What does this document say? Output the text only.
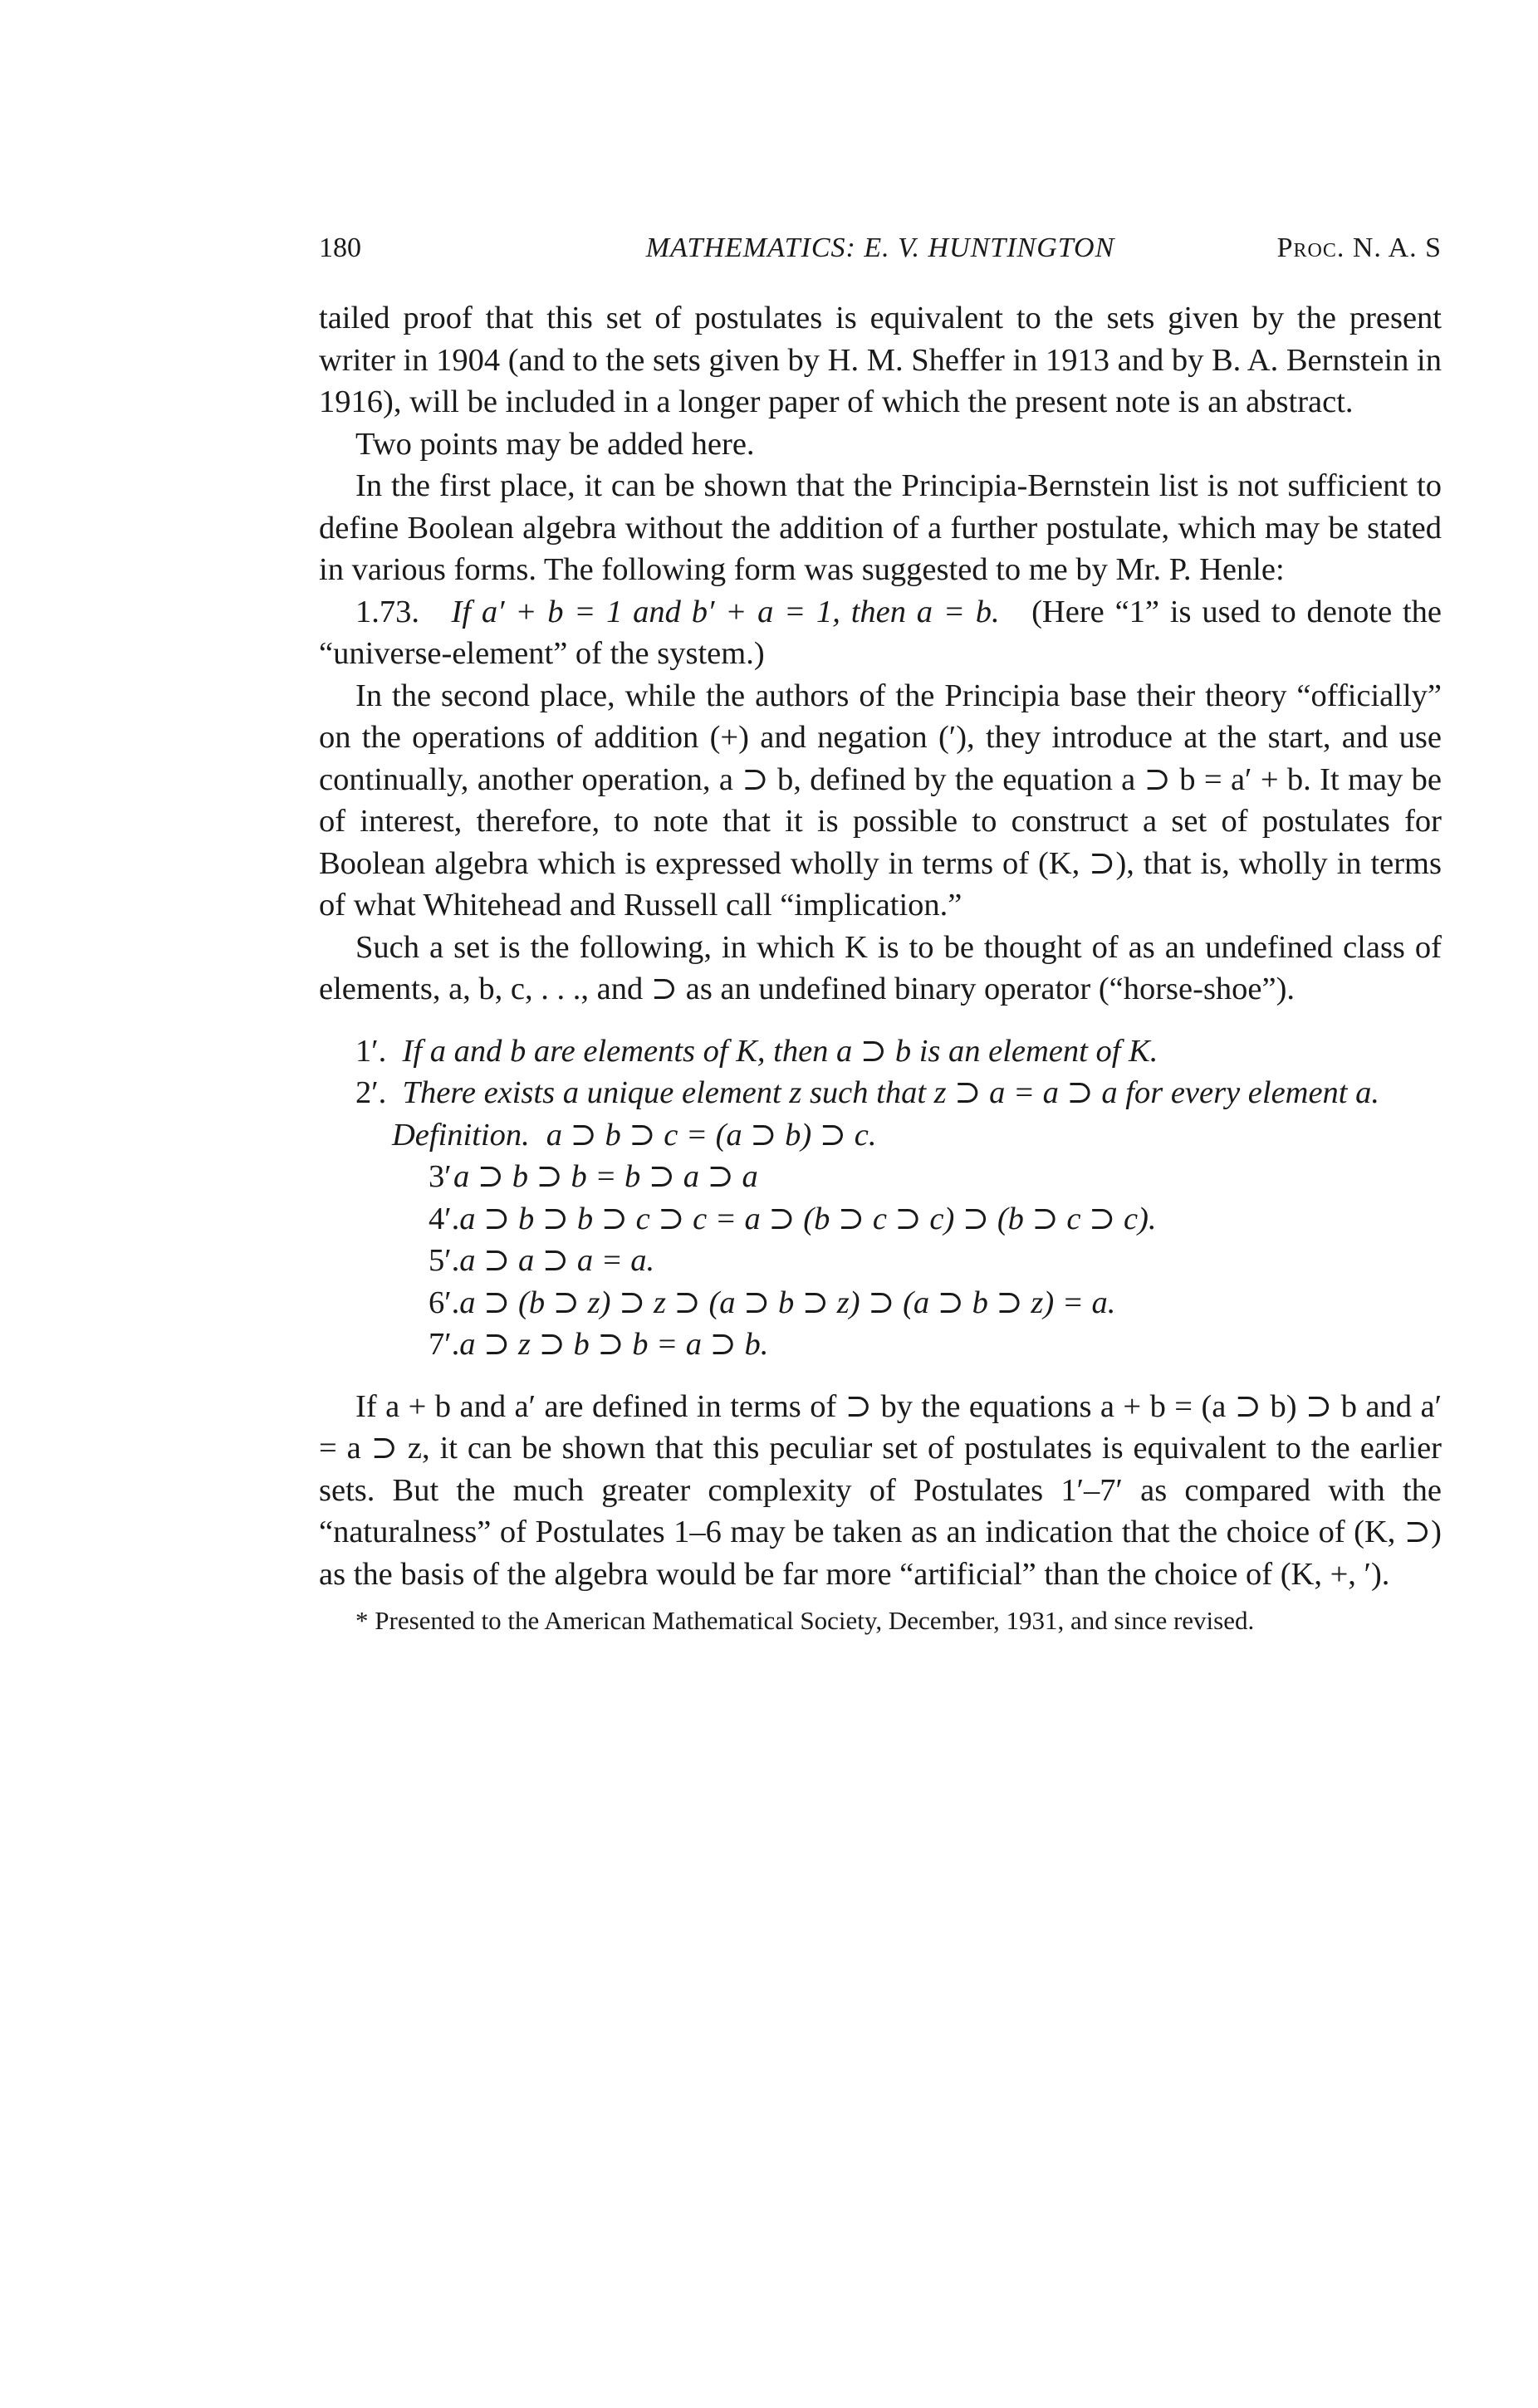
180	MATHEMATICS: E. V. HUNTINGTON	Proc. N. A. S

tailed proof that this set of postulates is equivalent to the sets given by the present writer in 1904 (and to the sets given by H. M. Sheffer in 1913 and by B. A. Bernstein in 1916), will be included in a longer paper of which the present note is an abstract.

Two points may be added here.

In the first place, it can be shown that the Principia-Bernstein list is not sufficient to define Boolean algebra without the addition of a further postulate, which may be stated in various forms. The following form was suggested to me by Mr. P. Henle:

1.73. If a′ + b = 1 and b′ + a = 1, then a = b. (Here “1” is used to denote the “universe-element” of the system.)

In the second place, while the authors of the Principia base their theory “officially” on the operations of addition (+) and negation (′), they introduce at the start, and use continually, another operation, a ⊃ b, defined by the equation a ⊃ b = a′ + b. It may be of interest, therefore, to note that it is possible to construct a set of postulates for Boolean algebra which is expressed wholly in terms of (K, ⊃), that is, wholly in terms of what Whitehead and Russell call “implication.”

Such a set is the following, in which K is to be thought of as an undefined class of elements, a, b, c, . . ., and ⊃ as an undefined binary operator (“horse-shoe”).

1′. If a and b are elements of K, then a ⊃ b is an element of K.

2′. There exists a unique element z such that z ⊃ a = a ⊃ a for every element a.

Definition. a ⊃ b ⊃ c = (a ⊃ b) ⊃ c.

3′a ⊃ b ⊃ b = b ⊃ a ⊃ a

4′.a ⊃ b ⊃ b ⊃ c ⊃ c = a ⊃ (b ⊃ c ⊃ c) ⊃ (b ⊃ c ⊃ c).

5′.a ⊃ a ⊃ a = a.

6′.a ⊃ (b ⊃ z) ⊃ z ⊃ (a ⊃ b ⊃ z) ⊃ (a ⊃ b ⊃ z) = a.

7′.a ⊃ z ⊃ b ⊃ b = a ⊃ b.

If a + b and a′ are defined in terms of ⊃ by the equations a + b = (a ⊃ b) ⊃ b and a′ = a ⊃ z, it can be shown that this peculiar set of postulates is equivalent to the earlier sets. But the much greater complexity of Postulates 1′–7′ as compared with the “naturalness” of Postulates 1–6 may be taken as an indication that the choice of (K, ⊃) as the basis of the algebra would be far more “artificial” than the choice of (K, +, ′).

* Presented to the American Mathematical Society, December, 1931, and since revised.
